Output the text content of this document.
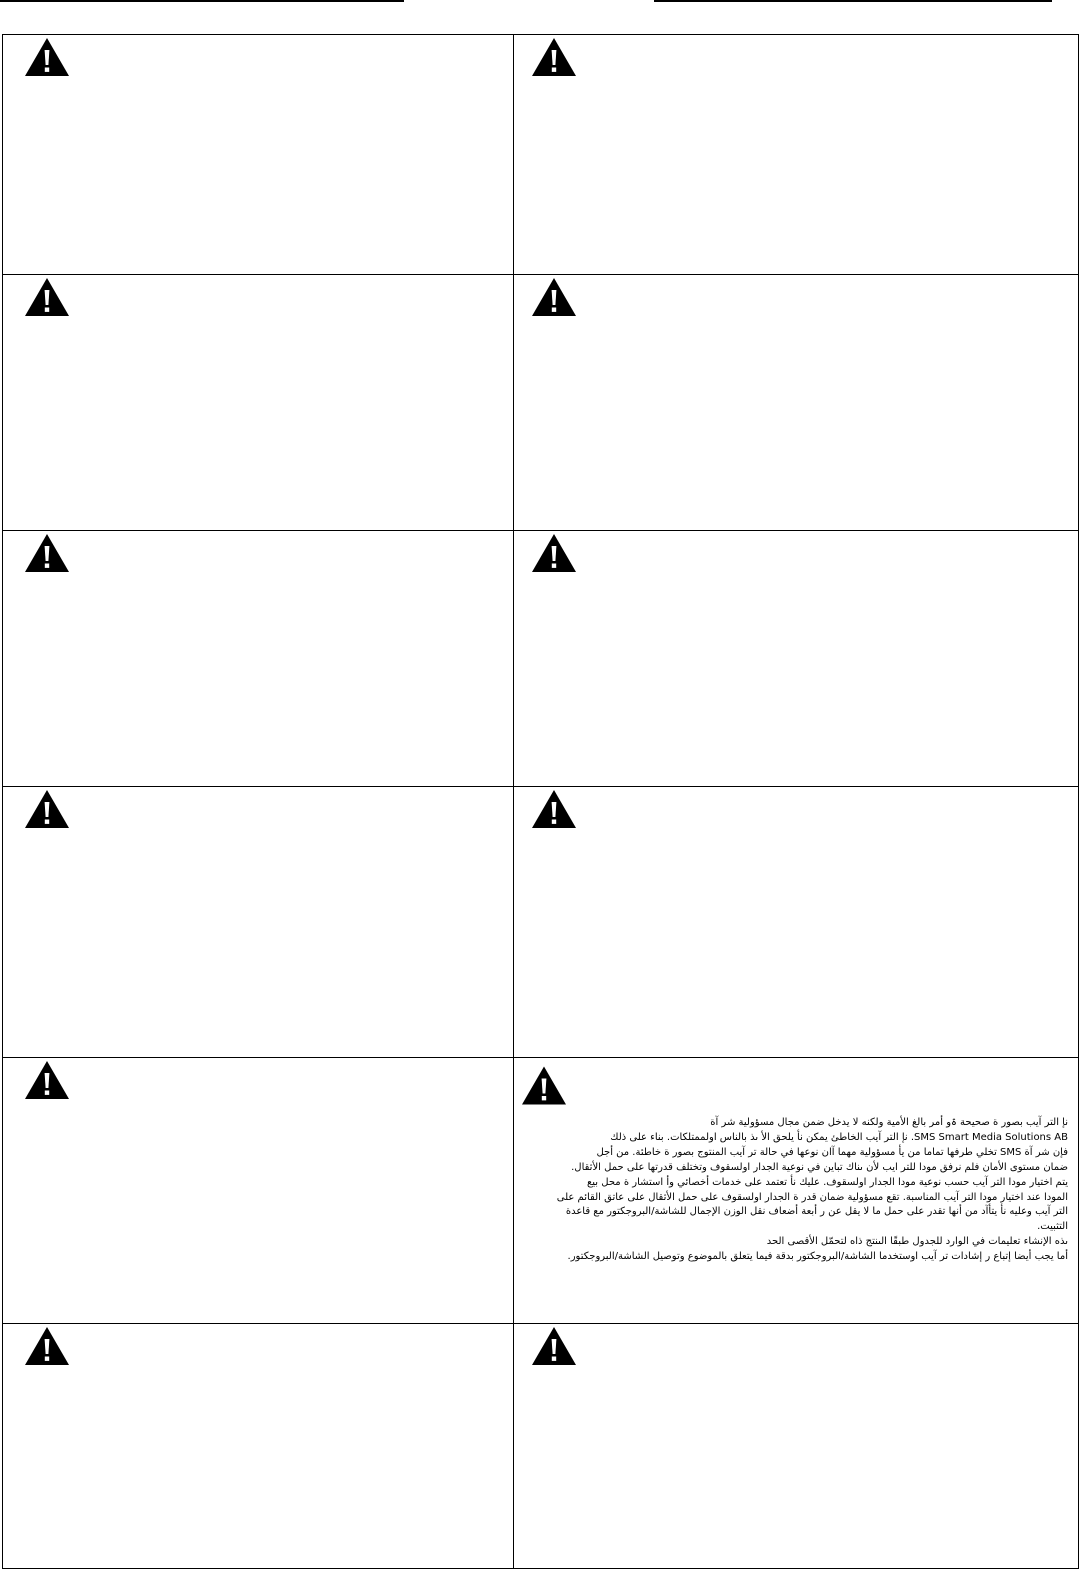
نإ التر آيب بصور ة صحيحة ۃو أمر بالغ الأمية ولكنه لا يدخل ضمن مجال مسؤولية شر آة

SMS Smart Media Solutions AB. نإ التر آيب الخاطئ يمكن نأ يلحق الأ ىذ بالناس اولممتلكات. بناء على ذلك

فإن شر آة SMS تخلي طرفها تماما من يأ مسؤولية مهما آان نوعها في حالة تر آيب المنتوج بصور ة خاطئة. من أجل

ضمان مستوى الأمان فلم نرفق مودا للتر ايب لأن ىناك تباين في نوعية الجدار اولسقوف وتختلف قدرتها على حمل الأثقال.

يتم اختيار مودا التر آيب حسب نوعية مودا الجدار اولسقوف. عليك نأ تعتمد على خدمات أخصائي وأ استشار ة محل بيع

المودا عند اختيار مودا التر آيب المناسبة. تقع مسؤولية ضمان قدر ة الجدار اولسقوف على حمل الأثقال على عاتق القائم على

التر آيب وعليه نأ يتأآد من أنها تقدر على حمل ما لا يقل عن ر أبعة أضعاف نقل الوزن الإجمال للشاشة/البروجكتور مع قاعدة

التثبيت.

ىذه الإنشاء تعليمات في الوارد للجدول طبقًا الىنتج ذاه لتحمّل الأقصى الحد

أما يجب أيضا إتباع ر إشادات تر آيب اوستخدما الشاشة/البروجكتور بدقة فيما يتعلق بالموضوع وتوصيل الشاشة/البروجكتور.
